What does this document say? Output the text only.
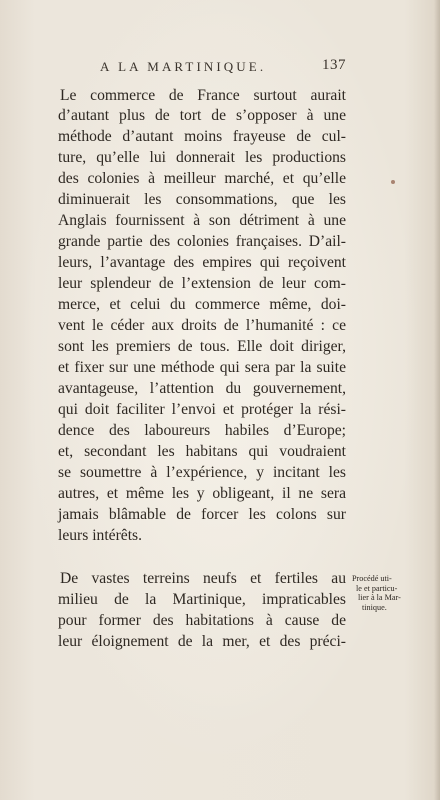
A LA MARTINIQUE.	137
Le commerce de France surtout aurait
d’autant plus de tort de s’opposer à une
méthode d’autant moins frayeuse de cul-
ture, qu’elle lui donnerait les productions
des colonies à meilleur marché, et qu’elle
diminuerait les consommations, que les
Anglais fournissent à son détriment à une
grande partie des colonies françaises. D’ail-
leurs, l’avantage des empires qui reçoivent
leur splendeur de l’extension de leur com-
merce, et celui du commerce même, doi-
vent le céder aux droits de l’humanité : ce
sont les premiers de tous. Elle doit diriger,
et fixer sur une méthode qui sera par la suite
avantageuse, l’attention du gouvernement,
qui doit faciliter l’envoi et protéger la rési-
dence des laboureurs habiles d’Europe;
et, secondant les habitans qui voudraient
se soumettre à l’expérience, y incitant les
autres, et même les y obligeant, il ne sera
jamais blâmable de forcer les colons sur
leurs intérêts.
De vastes terreins neufs et fertiles au
milieu de la Martinique, impraticables
pour former des habitations à cause de
leur éloignement de la mer, et des préci-
Procédé uti-
le et particu-
lier à la Mar-
tinique.
